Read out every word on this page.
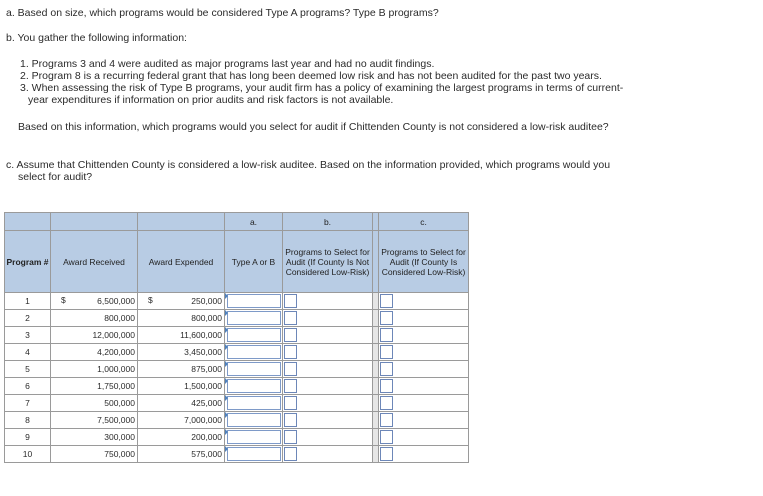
a. Based on size, which programs would be considered Type A programs? Type B programs?
b. You gather the following information:
1. Programs 3 and 4 were audited as major programs last year and had no audit findings.
2. Program 8 is a recurring federal grant that has long been deemed low risk and has not been audited for the past two years.
3. When assessing the risk of Type B programs, your audit firm has a policy of examining the largest programs in terms of current-
year expenditures if information on prior audits and risk factors is not available.
Based on this information, which programs would you select for audit if Chittenden County is not considered a low-risk auditee?
c. Assume that Chittenden County is considered a low-risk auditee. Based on the information provided, which programs would you
select for audit?
			a.	b.		c.
Program #	Award Received	Award Expended	Type A or B	Programs to Select for Audit (If County Is Not Considered Low-Risk)		Programs to Select for Audit (If County Is Considered Low-Risk)
1	$ 6,500,000	$ 250,000	

2	800,000	800,000	

3	12,000,000	11,600,000	

4	4,200,000	3,450,000	

5	1,000,000	875,000	

6	1,750,000	1,500,000	

7	500,000	425,000	

8	7,500,000	7,000,000	

9	300,000	200,000	

10	750,000	575,000	
